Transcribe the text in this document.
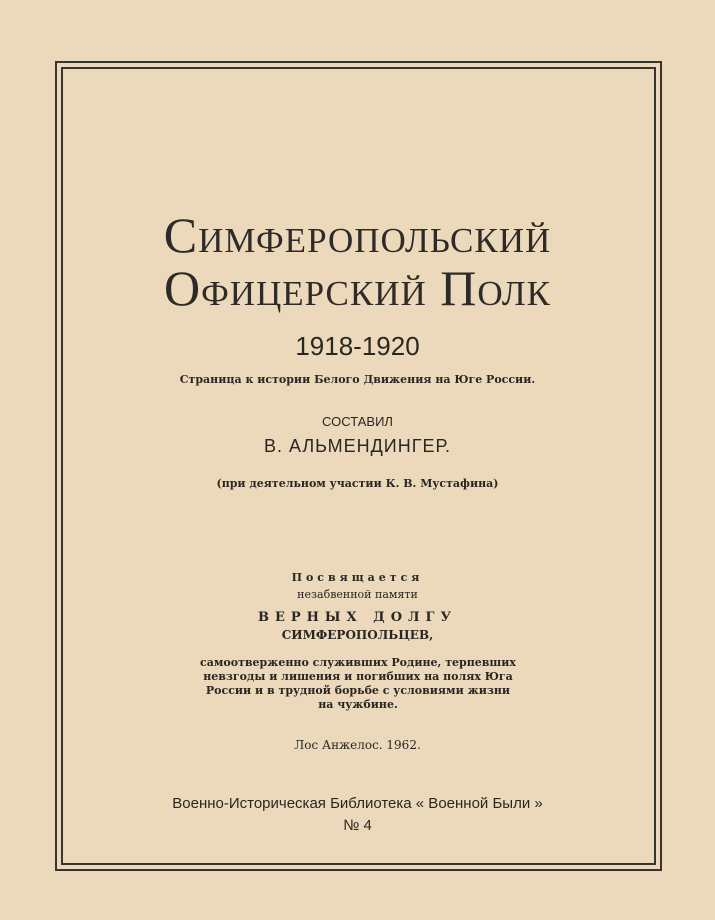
Симферопольский
Офицерский Полк
1918-1920
Страница к истории Белого Движения на Юге России.
СОСТАВИЛ
В. АЛЬМЕНДИНГЕР.
(при деятельном участии К. В. Мустафина)
Посвящается
незабвенной памяти
ВЕРНЫХ ДОЛГУ
СИМФЕРОПОЛЬЦЕВ,
самоотверженно служивших Родине, терпевших невзгоды и лишения и погибших на полях Юга России и в трудной борьбе с условиями жизни на чужбине.
Лос Анжелос. 1962.
Военно-Историческая Библиотека « Военной Были »
№ 4
